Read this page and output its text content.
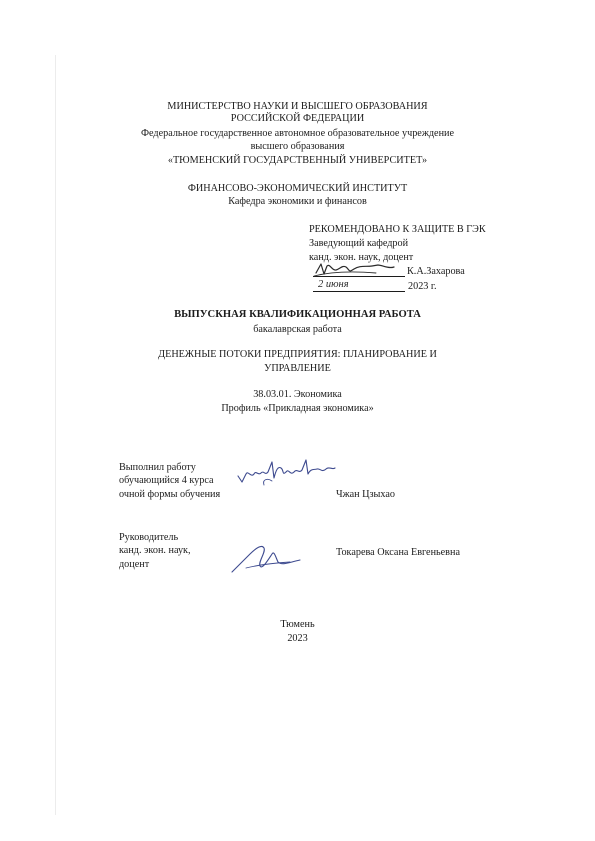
МИНИСТЕРСТВО НАУКИ И ВЫСШЕГО ОБРАЗОВАНИЯ
РОССИЙСКОЙ ФЕДЕРАЦИИ
Федеральное государственное автономное образовательное учреждение
высшего образования
«ТЮМЕНСКИЙ ГОСУДАРСТВЕННЫЙ УНИВЕРСИТЕТ»
ФИНАНСОВО-ЭКОНОМИЧЕСКИЙ ИНСТИТУТ
Кафедра экономики и финансов
РЕКОМЕНДОВАНО К ЗАЩИТЕ В ГЭК
Заведующий кафедрой
канд. экон. наук, доцент
К.А.Захарова
2 июня	2023 г.
ВЫПУСКНАЯ КВАЛИФИКАЦИОННАЯ РАБОТА
бакалаврская работа
ДЕНЕЖНЫЕ ПОТОКИ ПРЕДПРИЯТИЯ: ПЛАНИРОВАНИЕ И
УПРАВЛЕНИЕ
38.03.01. Экономика
Профиль «Прикладная экономика»
Выполнил работу
обучающийся 4 курса
очной формы обучения	Чжан Цзыхао
Руководитель
канд. экон. наук,
доцент
Токарева Оксана Евгеньевна
Тюмень
2023
